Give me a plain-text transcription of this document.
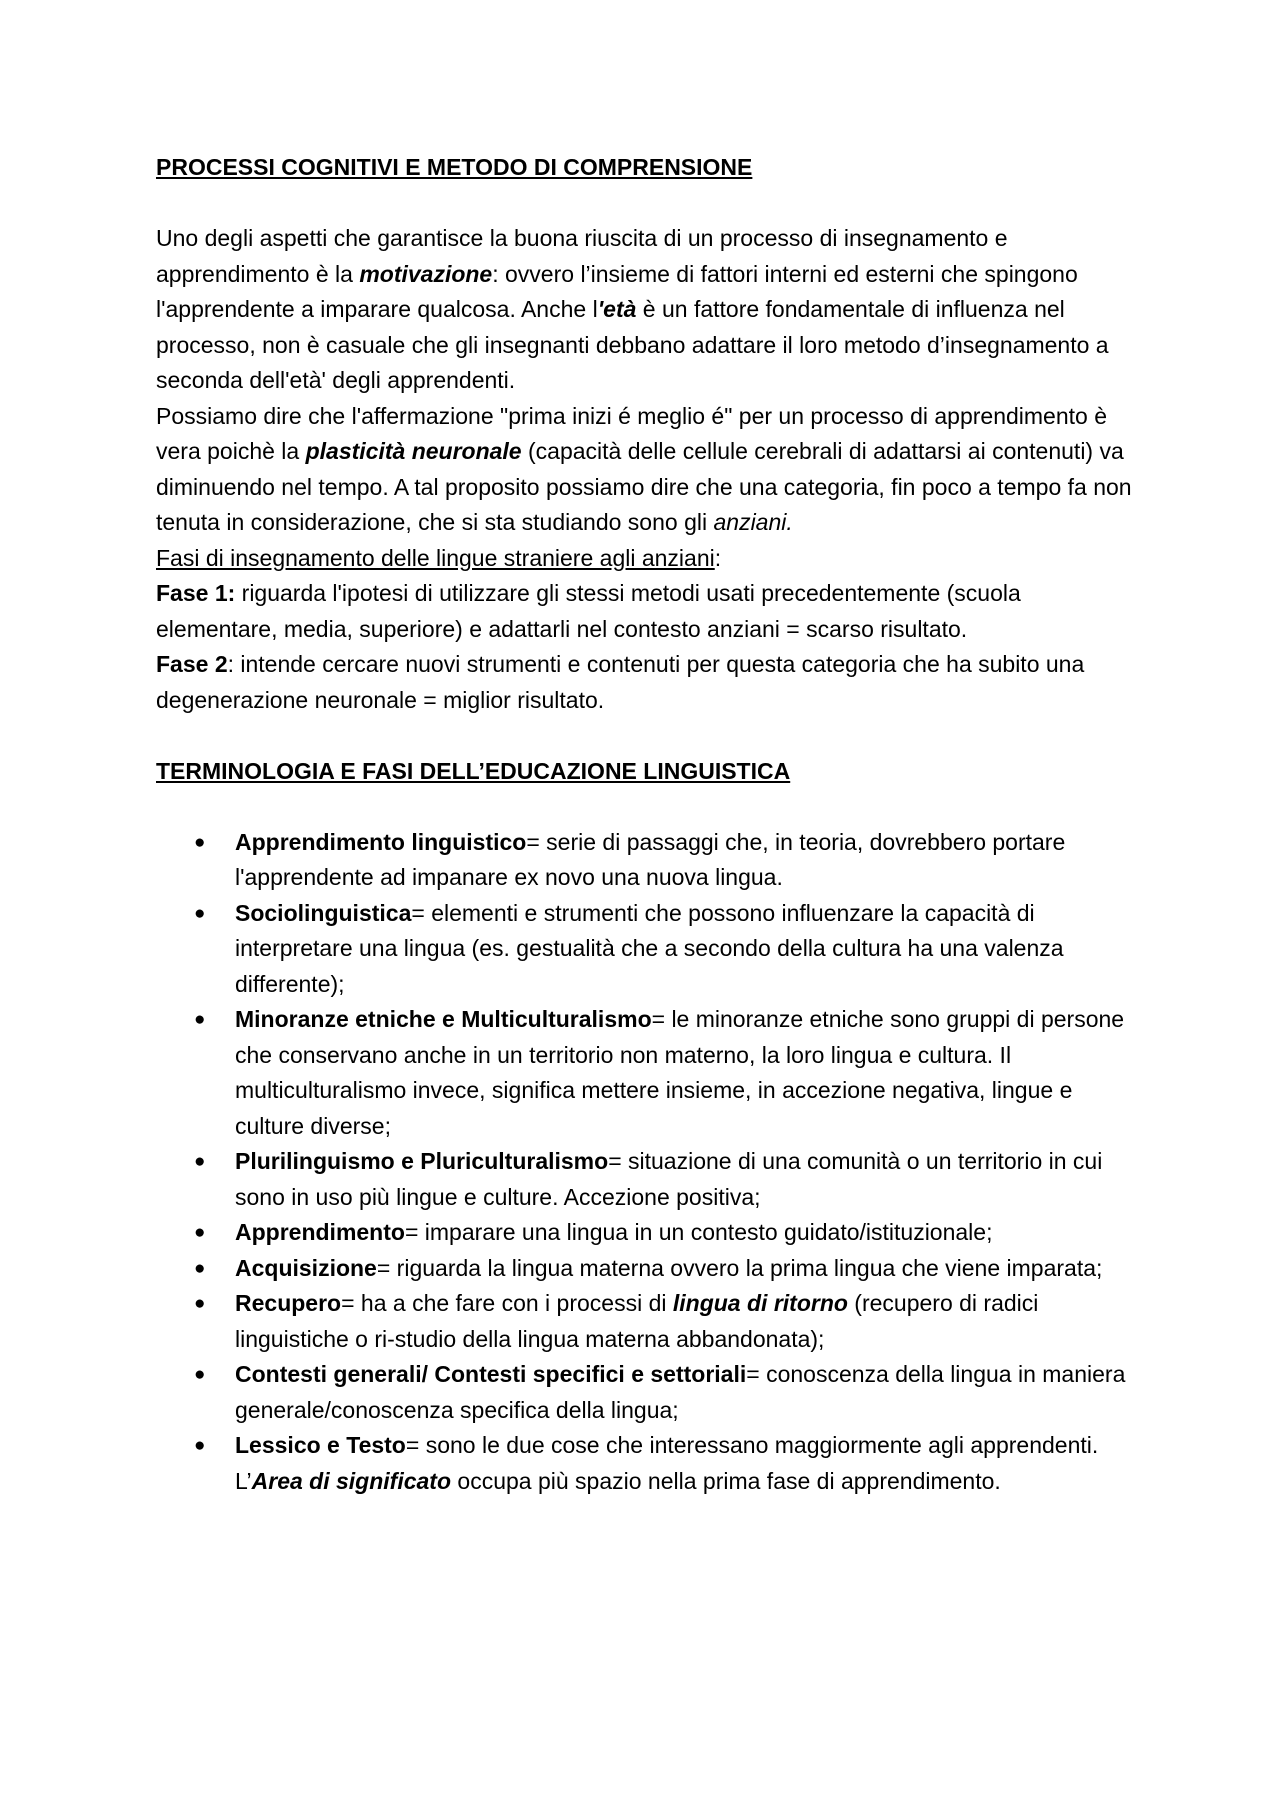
PROCESSI COGNITIVI E METODO DI COMPRENSIONE

Uno degli aspetti che garantisce la buona riuscita di un processo di insegnamento e apprendimento è la motivazione: ovvero l’insieme di fattori interni ed esterni che spingono l'apprendente a imparare qualcosa. Anche l'età è un fattore fondamentale di influenza nel processo, non è casuale che gli insegnanti debbano adattare il loro metodo d’insegnamento a seconda dell'età' degli apprendenti.

Possiamo dire che l'affermazione "prima inizi é meglio é" per un processo di apprendimento è vera poichè la plasticità neuronale (capacità delle cellule cerebrali di adattarsi ai contenuti) va diminuendo nel tempo. A tal proposito possiamo dire che una categoria, fin poco a tempo fa non tenuta in considerazione, che si sta studiando sono gli anziani.

Fasi di insegnamento delle lingue straniere agli anziani:

Fase 1: riguarda l'ipotesi di utilizzare gli stessi metodi usati precedentemente (scuola elementare, media, superiore) e adattarli nel contesto anziani = scarso risultato.

Fase 2: intende cercare nuovi strumenti e contenuti per questa categoria che ha subito una degenerazione neuronale = miglior risultato.

TERMINOLOGIA E FASI DELL’EDUCAZIONE LINGUISTICA
● Apprendimento linguistico= serie di passaggi che, in teoria, dovrebbero portare l'apprendente ad impanare ex novo una nuova lingua.
● Sociolinguistica= elementi e strumenti che possono influenzare la capacità di interpretare una lingua (es. gestualità che a secondo della cultura ha una valenza differente);
● Minoranze etniche e Multiculturalismo= le minoranze etniche sono gruppi di persone che conservano anche in un territorio non materno, la loro lingua e cultura. Il multiculturalismo invece, significa mettere insieme, in accezione negativa, lingue e culture diverse;
● Plurilinguismo e Pluriculturalismo= situazione di una comunità o un territorio in cui sono in uso più lingue e culture. Accezione positiva;
● Apprendimento= imparare una lingua in un contesto guidato/istituzionale;
● Acquisizione= riguarda la lingua materna ovvero la prima lingua che viene imparata;
● Recupero= ha a che fare con i processi di lingua di ritorno (recupero di radici linguistiche o ri-studio della lingua materna abbandonata);
● Contesti generali/ Contesti specifici e settoriali= conoscenza della lingua in maniera generale/conoscenza specifica della lingua;
● Lessico e Testo= sono le due cose che interessano maggiormente agli apprendenti. L’Area di significato occupa più spazio nella prima fase di apprendimento.
